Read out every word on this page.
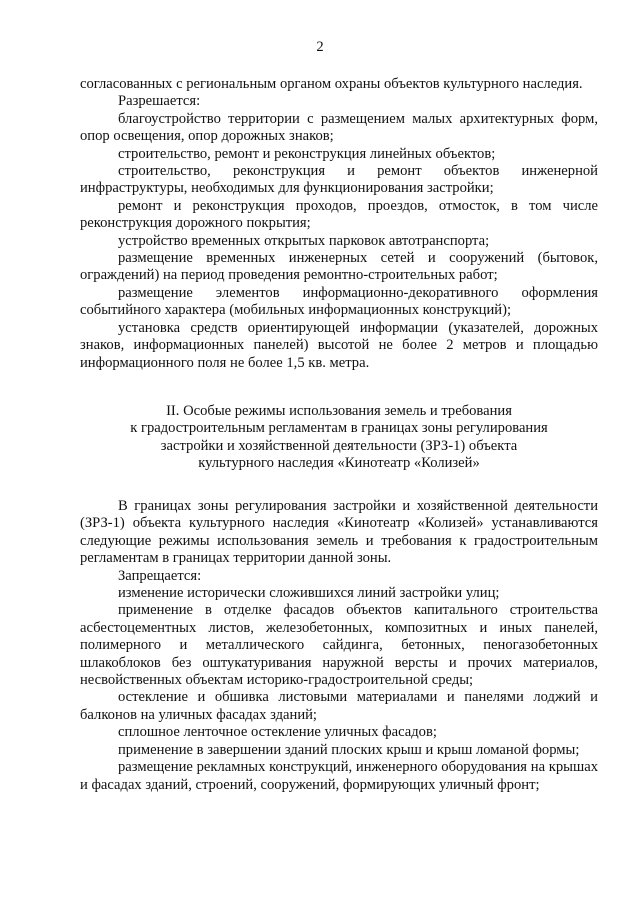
2

согласованных с региональным органом охраны объектов культурного наследия.

Разрешается:

благоустройство территории с размещением малых архитектурных форм, опор освещения, опор дорожных знаков;

строительство, ремонт и реконструкция линейных объектов;

строительство, реконструкция и ремонт объектов инженерной инфраструктуры, необходимых для функционирования застройки;

ремонт и реконструкция проходов, проездов, отмосток, в том числе реконструкция дорожного покрытия;

устройство временных открытых парковок автотранспорта;

размещение временных инженерных сетей и сооружений (бытовок, ограждений) на период проведения ремонтно-строительных работ;

размещение элементов информационно-декоративного оформления событийного характера (мобильных информационных конструкций);

установка средств ориентирующей информации (указателей, дорожных знаков, информационных панелей) высотой не более 2 метров и площадью информационного поля не более 1,5 кв. метра.

II. Особые режимы использования земель и требования
к градостроительным регламентам в границах зоны регулирования
застройки и хозяйственной деятельности (ЗРЗ-1) объекта
культурного наследия «Кинотеатр «Колизей»

В границах зоны регулирования застройки и хозяйственной деятельности (ЗРЗ-1) объекта культурного наследия «Кинотеатр «Колизей» устанавливаются следующие режимы использования земель и требования к градостроительным регламентам в границах территории данной зоны.

Запрещается:

изменение исторически сложившихся линий застройки улиц;

применение в отделке фасадов объектов капитального строительства асбестоцементных листов, железобетонных, композитных и иных панелей, полимерного и металлического сайдинга, бетонных, пеногазобетонных шлакоблоков без оштукатуривания наружной версты и прочих материалов, несвойственных объектам историко-градостроительной среды;

остекление и обшивка листовыми материалами и панелями лоджий и балконов на уличных фасадах зданий;

сплошное ленточное остекление уличных фасадов;

применение в завершении зданий плоских крыш и крыш ломаной формы;

размещение рекламных конструкций, инженерного оборудования на крышах и фасадах зданий, строений, сооружений, формирующих уличный фронт;
